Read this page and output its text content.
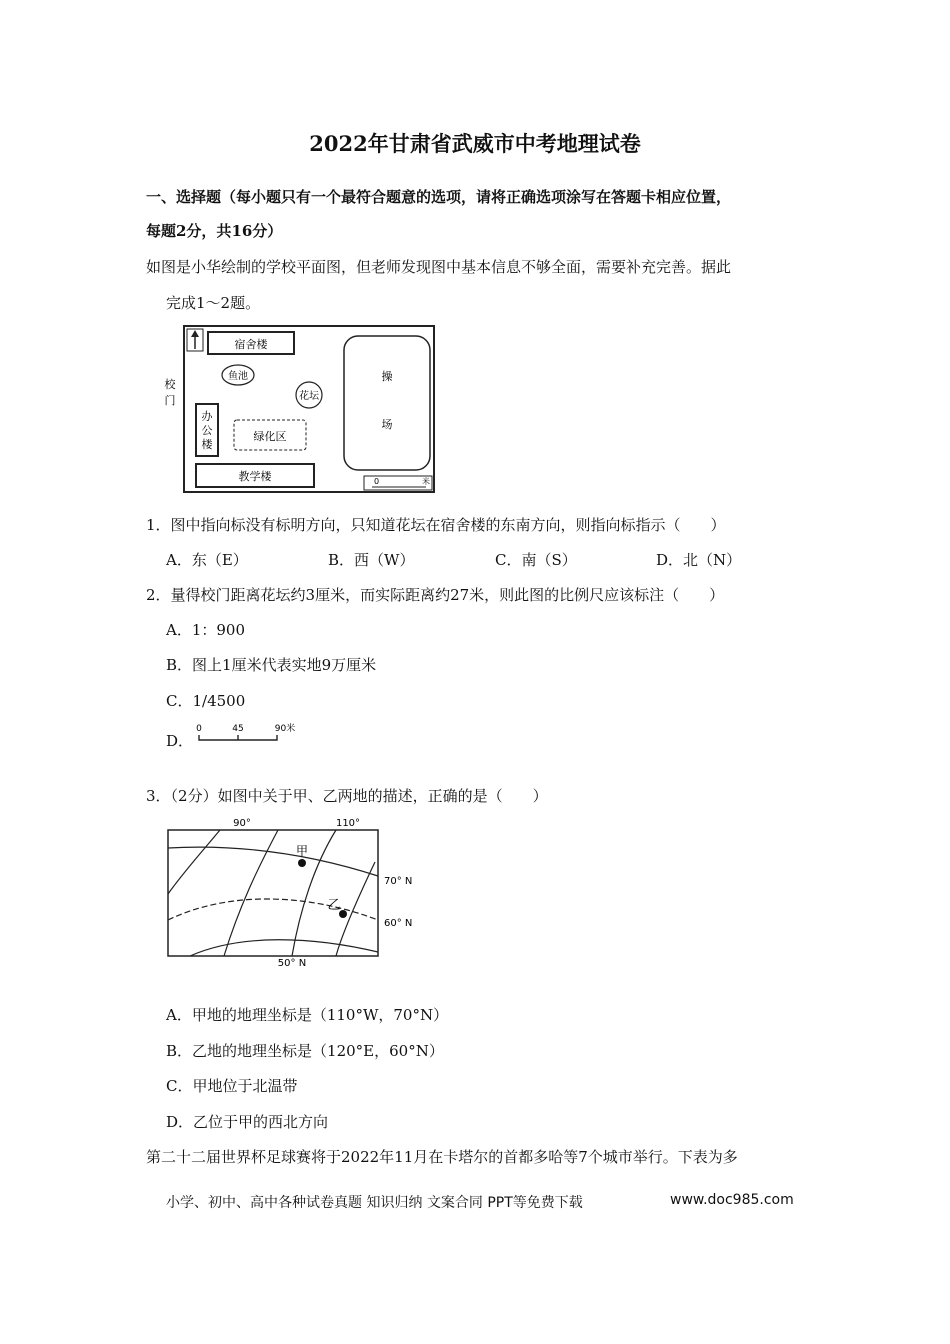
2022年甘肃省武威市中考地理试卷
一、选择题（每小题只有一个最符合题意的选项，请将正确选项涂写在答题卡相应位置，
每题2分，共16分）
如图是小华绘制的学校平面图，但老师发现图中基本信息不够全面，需要补充完善。据此
完成1～2题。
宿舍楼
鱼池
花坛
校
门
办
公
楼
绿化区
教学楼
操
场
0	米
1．图中指向标没有标明方向，只知道花坛在宿舍楼的东南方向，则指向标指示（　　）
A．东（E）	B．西（W）	C．南（S）	D．北（N）
2．量得校门距离花坛约3厘米，而实际距离约27米，则此图的比例尺应该标注（　　）
A．1：900
B．图上1厘米代表实地9万厘米
C．1/4500
D．
0	45	90米
3．（2分）如图中关于甲、乙两地的描述，正确的是（　　）
90°	110°
70° N
60° N
50° N
甲
乙
A．甲地的地理坐标是（110°W，70°N）
B．乙地的地理坐标是（120°E，60°N）
C．甲地位于北温带
D．乙位于甲的西北方向
第二十二届世界杯足球赛将于2022年11月在卡塔尔的首都多哈等7个城市举行。下表为多
小学、初中、高中各种试卷真题 知识归纳 文案合同 PPT等免费下载	www.doc985.com
